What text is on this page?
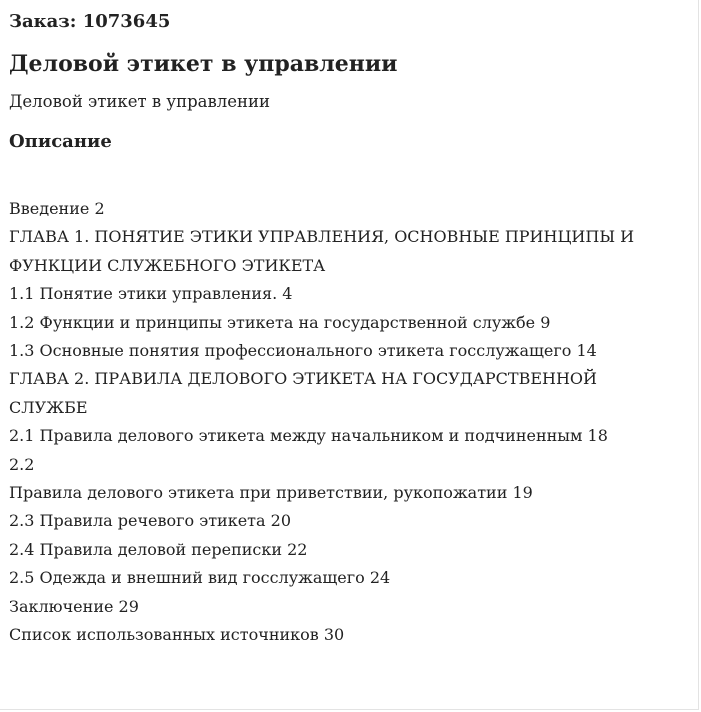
Заказ: 1073645
Деловой этикет в управлении
Деловой этикет в управлении
Описание
Введение 2
ГЛАВА 1. ПОНЯТИЕ ЭТИКИ УПРАВЛЕНИЯ, ОСНОВНЫЕ ПРИНЦИПЫ И ФУНКЦИИ СЛУЖЕБНОГО ЭТИКЕТА
1.1 Понятие этики управления. 4
1.2 Функции и принципы этикета на государственной службе 9
1.3 Основные понятия профессионального этикета госслужащего 14
ГЛАВА 2. ПРАВИЛА ДЕЛОВОГО ЭТИКЕТА НА ГОСУДАРСТВЕННОЙ СЛУЖБЕ
2.1 Правила делового этикета между начальником и подчиненным 18
2.2
Правила делового этикета при приветствии, рукопожатии 19
2.3 Правила речевого этикета 20
2.4 Правила деловой переписки 22
2.5 Одежда и внешний вид госслужащего 24
Заключение 29
Список использованных источников 30
